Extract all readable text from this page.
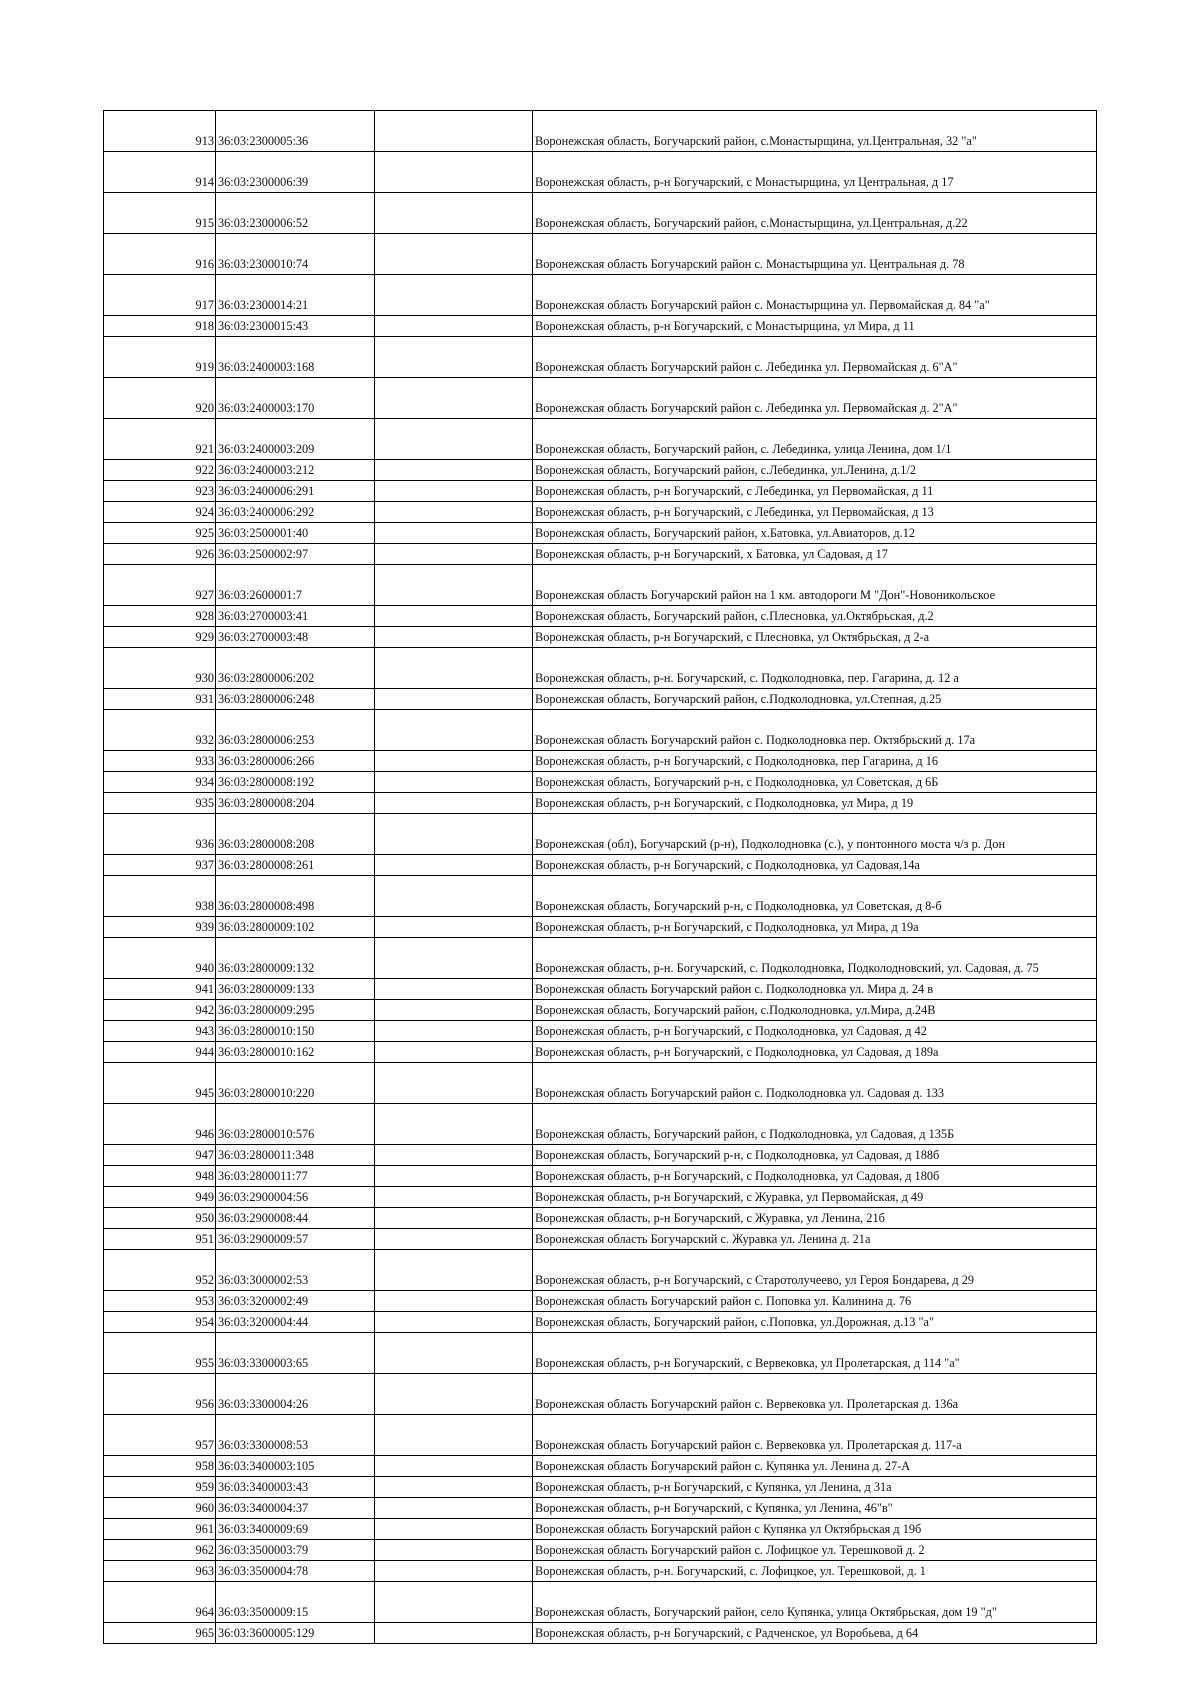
913	36:03:2300005:36		Воронежская область, Богучарский район, с.Монастырщина, ул.Центральная, 32 "а"
914	36:03:2300006:39		Воронежская область, р-н Богучарский, с Монастырщина, ул Центральная, д 17
915	36:03:2300006:52		Воронежская область, Богучарский район, с.Монастырщина, ул.Центральная, д.22
916	36:03:2300010:74		Воронежская область Богучарский район с. Монастырщина ул. Центральная д. 78
917	36:03:2300014:21		Воронежская область Богучарский район с. Монастырщина ул. Первомайская д. 84 "а"
918	36:03:2300015:43		Воронежская область, р-н Богучарский, с Монастырщина, ул Мира, д 11
919	36:03:2400003:168		Воронежская область Богучарский район с. Лебединка ул. Первомайская д. 6"А"
920	36:03:2400003:170		Воронежская область Богучарский район с. Лебединка ул. Первомайская д. 2"А"
921	36:03:2400003:209		Воронежская область, Богучарский район, с. Лебединка, улица Ленина, дом 1/1
922	36:03:2400003:212		Воронежская область, Богучарский район, с.Лебединка, ул.Ленина, д.1/2
923	36:03:2400006:291		Воронежская область, р-н Богучарский, с Лебединка, ул Первомайская, д 11
924	36:03:2400006:292		Воронежская область, р-н Богучарский, с Лебединка, ул Первомайская, д 13
925	36:03:2500001:40		Воронежская область, Богучарский район, х.Батовка, ул.Авиаторов, д.12
926	36:03:2500002:97		Воронежская область, р-н Богучарский, х Батовка, ул Садовая, д 17
927	36:03:2600001:7		Воронежская область Богучарский район на 1 км. автодороги М "Дон"-Новоникольское
928	36:03:2700003:41		Воронежская область, Богучарский район, с.Плесновка, ул.Октябрьская, д.2
929	36:03:2700003:48		Воронежская область, р-н Богучарский, с Плесновка, ул Октябрьская, д 2-а
930	36:03:2800006:202		Воронежская область, р-н. Богучарский, с. Подколодновка, пер. Гагарина, д. 12 а
931	36:03:2800006:248		Воронежская область, Богучарский район, с.Подколодновка, ул.Степная, д.25
932	36:03:2800006:253		Воронежская область Богучарский район с. Подколодновка пер. Октябрьский д. 17а
933	36:03:2800006:266		Воронежская область, р-н Богучарский, с Подколодновка, пер Гагарина, д 16
934	36:03:2800008:192		Воронежская область, Богучарский р-н, с Подколодновка, ул Советская, д 6Б
935	36:03:2800008:204		Воронежская область, р-н Богучарский, с Подколодновка, ул Мира, д 19
936	36:03:2800008:208		Воронежская (обл), Богучарский (р-н), Подколодновка (с.), у понтонного моста ч/з р. Дон
937	36:03:2800008:261		Воронежская область, р-н Богучарский, с Подколодновка, ул Садовая,14а
938	36:03:2800008:498		Воронежская область, Богучарский р-н, с Подколодновка, ул Советская, д 8-б
939	36:03:2800009:102		Воронежская область, р-н Богучарский, с Подколодновка, ул Мира, д 19а
940	36:03:2800009:132		Воронежская область, р-н. Богучарский, с. Подколодновка, Подколодновский, ул. Садовая, д. 75
941	36:03:2800009:133		Воронежская область Богучарский район с. Подколодновка ул. Мира д. 24 в
942	36:03:2800009:295		Воронежская область, Богучарский район, с.Подколодновка, ул.Мира, д.24В
943	36:03:2800010:150		Воронежская область, р-н Богучарский, с Подколодновка, ул Садовая, д 42
944	36:03:2800010:162		Воронежская область, р-н Богучарский, с Подколодновка, ул Садовая, д 189а
945	36:03:2800010:220		Воронежская область Богучарский район с. Подколодновка ул. Садовая д. 133
946	36:03:2800010:576		Воронежская область, Богучарский район, с Подколодновка, ул Садовая, д 135Б
947	36:03:2800011:348		Воронежская область, Богучарский р-н, с Подколодновка, ул Садовая, д 188б
948	36:03:2800011:77		Воронежская область, р-н Богучарский, с Подколодновка, ул Садовая, д 180б
949	36:03:2900004:56		Воронежская область, р-н Богучарский, с Журавка, ул Первомайская, д 49
950	36:03:2900008:44		Воронежская область, р-н Богучарский, с Журавка, ул Ленина, 21б
951	36:03:2900009:57		Воронежская область Богучарский с. Журавка ул. Ленина д. 21а
952	36:03:3000002:53		Воронежская область, р-н Богучарский, с Старотолучеево, ул Героя Бондарева, д 29
953	36:03:3200002:49		Воронежская область Богучарский район с. Поповка ул. Калинина д. 76
954	36:03:3200004:44		Воронежская область, Богучарский район, с.Поповка, ул.Дорожная, д.13 "а"
955	36:03:3300003:65		Воронежская область, р-н Богучарский, с Вервековка, ул Пролетарская, д 114 "а"
956	36:03:3300004:26		Воронежская область Богучарский район с. Вервековка ул. Пролетарская д. 136а
957	36:03:3300008:53		Воронежская область Богучарский район с. Вервековка ул. Пролетарская д. 117-а
958	36:03:3400003:105		Воронежская область Богучарский район с. Купянка ул. Ленина д. 27-А
959	36:03:3400003:43		Воронежская область, р-н Богучарский, с Купянка, ул Ленина, д 31а
960	36:03:3400004:37		Воронежская область, р-н Богучарский, с Купянка, ул Ленина, 46"в"
961	36:03:3400009:69		Воронежская область Богучарский район с Купянка ул Октябрьская д 19б
962	36:03:3500003:79		Воронежская область Богучарский район с. Лофицкое ул. Терешковой д. 2
963	36:03:3500004:78		Воронежская область, р-н. Богучарский, с. Лофицкое, ул. Терешковой, д. 1
964	36:03:3500009:15		Воронежская область, Богучарский район, село Купянка, улица Октябрьская, дом 19 "д"
965	36:03:3600005:129		Воронежская область, р-н Богучарский, с Радченское, ул Воробьева, д 64
